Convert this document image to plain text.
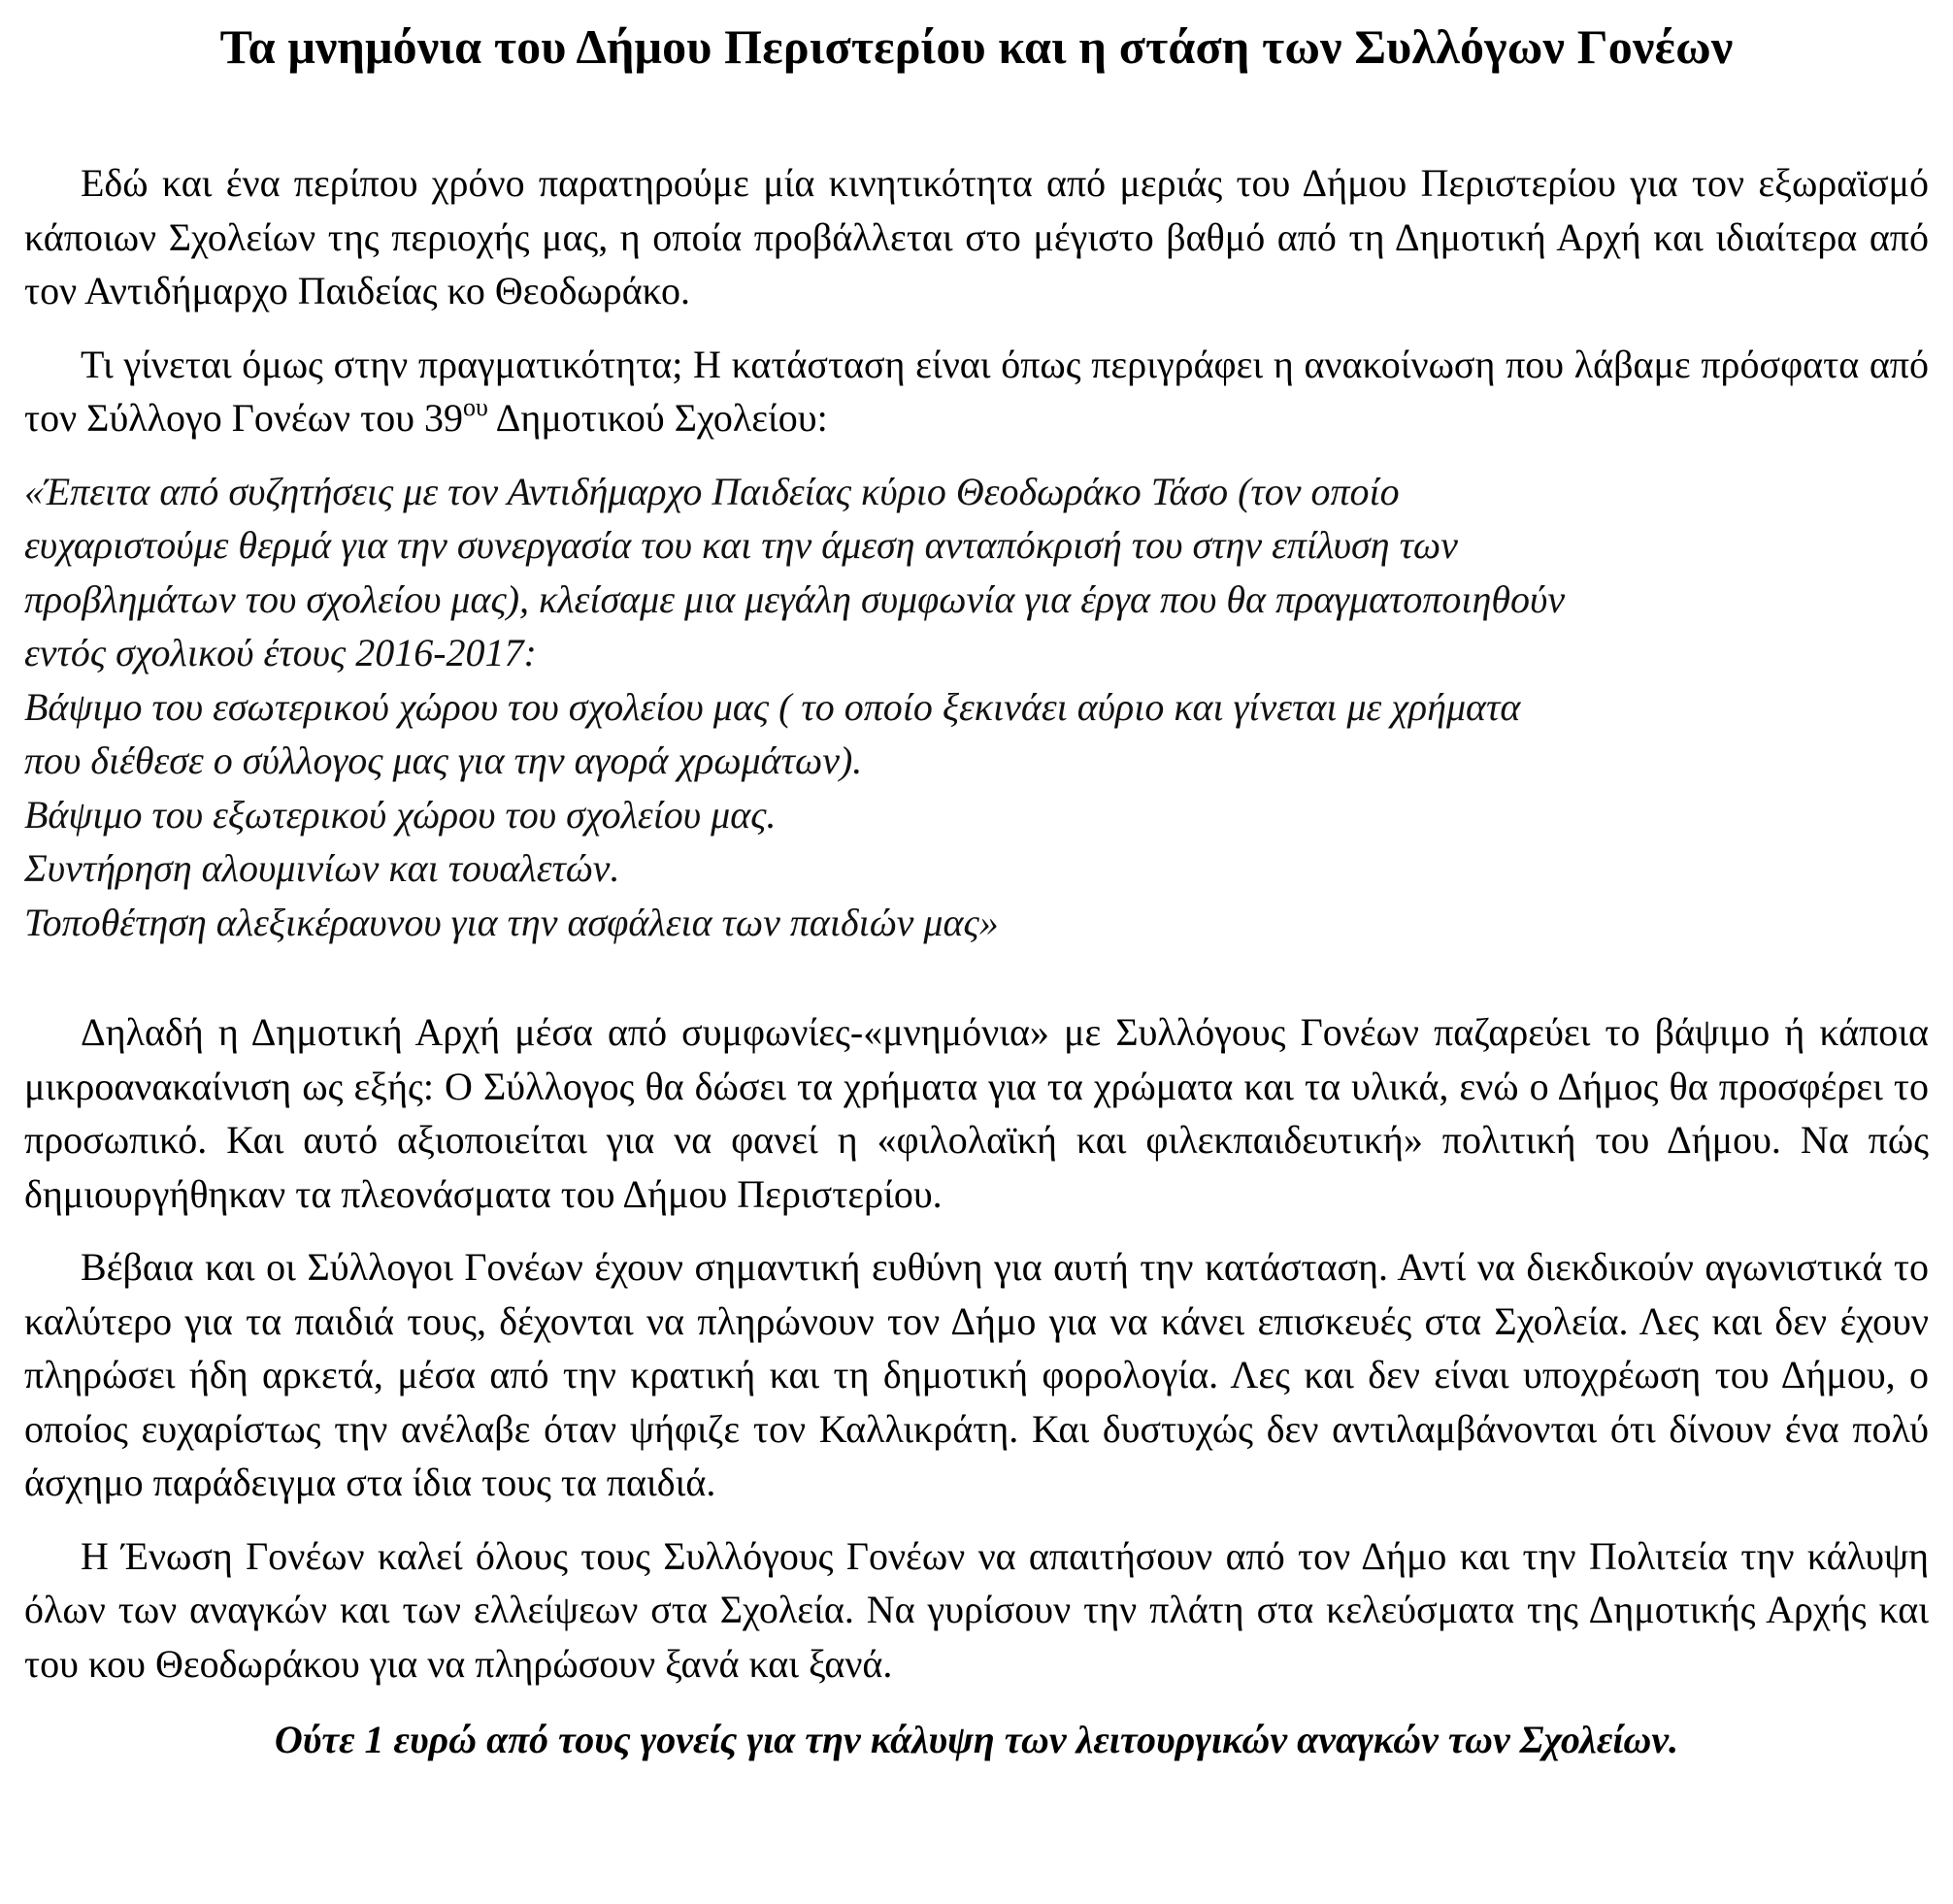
Τα μνημόνια του Δήμου Περιστερίου και η στάση των Συλλόγων Γονέων

Εδώ και ένα περίπου χρόνο παρατηρούμε μία κινητικότητα από μεριάς του Δήμου Περιστερίου για τον εξωραϊσμό κάποιων Σχολείων της περιοχής μας, η οποία προβάλλεται στο μέγιστο βαθμό από τη Δημοτική Αρχή και ιδιαίτερα από τον Αντιδήμαρχο Παιδείας κο Θεοδωράκο.

Τι γίνεται όμως στην πραγματικότητα; Η κατάσταση είναι όπως περιγράφει η ανακοίνωση που λάβαμε πρόσφατα από τον Σύλλογο Γονέων του $39^{o\upsilon}$ Δημοτικού Σχολείου:

«Έπειτα από συζητήσεις με τον Αντιδήμαρχο Παιδείας κύριο Θεοδωράκο Τάσο (τον οποίο
ευχαριστούμε θερμά για την συνεργασία του και την άμεση ανταπόκρισή του στην επίλυση των
προβλημάτων του σχολείου μας), κλείσαμε μια μεγάλη συμφωνία για έργα που θα πραγματοποιηθούν
εντός σχολικού έτους 2016-2017:
Βάψιμο του εσωτερικού χώρου του σχολείου μας ( το οποίο ξεκινάει αύριο και γίνεται με χρήματα
που διέθεσε ο σύλλογος μας για την αγορά χρωμάτων).
Βάψιμο του εξωτερικού χώρου του σχολείου μας.
Συντήρηση αλουμινίων και τουαλετών.
Τοποθέτηση αλεξικέραυνου για την ασφάλεια των παιδιών μας»

Δηλαδή η Δημοτική Αρχή μέσα από συμφωνίες-«μνημόνια» με Συλλόγους Γονέων παζαρεύει το βάψιμο ή κάποια μικροανακαίνιση ως εξής: Ο Σύλλογος θα δώσει τα χρήματα για τα χρώματα και τα υλικά, ενώ ο Δήμος θα προσφέρει το προσωπικό. Και αυτό αξιοποιείται για να φανεί η «φιλολαϊκή και φιλεκπαιδευτική» πολιτική του Δήμου. Να πώς δημιουργήθηκαν τα πλεονάσματα του Δήμου Περιστερίου.

Βέβαια και οι Σύλλογοι Γονέων έχουν σημαντική ευθύνη για αυτή την κατάσταση. Αντί να διεκδικούν αγωνιστικά το καλύτερο για τα παιδιά τους, δέχονται να πληρώνουν τον Δήμο για να κάνει επισκευές στα Σχολεία. Λες και δεν έχουν πληρώσει ήδη αρκετά, μέσα από την κρατική και τη δημοτική φορολογία. Λες και δεν είναι υποχρέωση του Δήμου, ο οποίος ευχαρίστως την ανέλαβε όταν ψήφιζε τον Καλλικράτη. Και δυστυχώς δεν αντιλαμβάνονται ότι δίνουν ένα πολύ άσχημο παράδειγμα στα ίδια τους τα παιδιά.

Η Ένωση Γονέων καλεί όλους τους Συλλόγους Γονέων να απαιτήσουν από τον Δήμο και την Πολιτεία την κάλυψη όλων των αναγκών και των ελλείψεων στα Σχολεία. Να γυρίσουν την πλάτη στα κελεύσματα της Δημοτικής Αρχής και του κου Θεοδωράκου για να πληρώσουν ξανά και ξανά.

Ούτε 1 ευρώ από τους γονείς για την κάλυψη των λειτουργικών αναγκών των Σχολείων.
